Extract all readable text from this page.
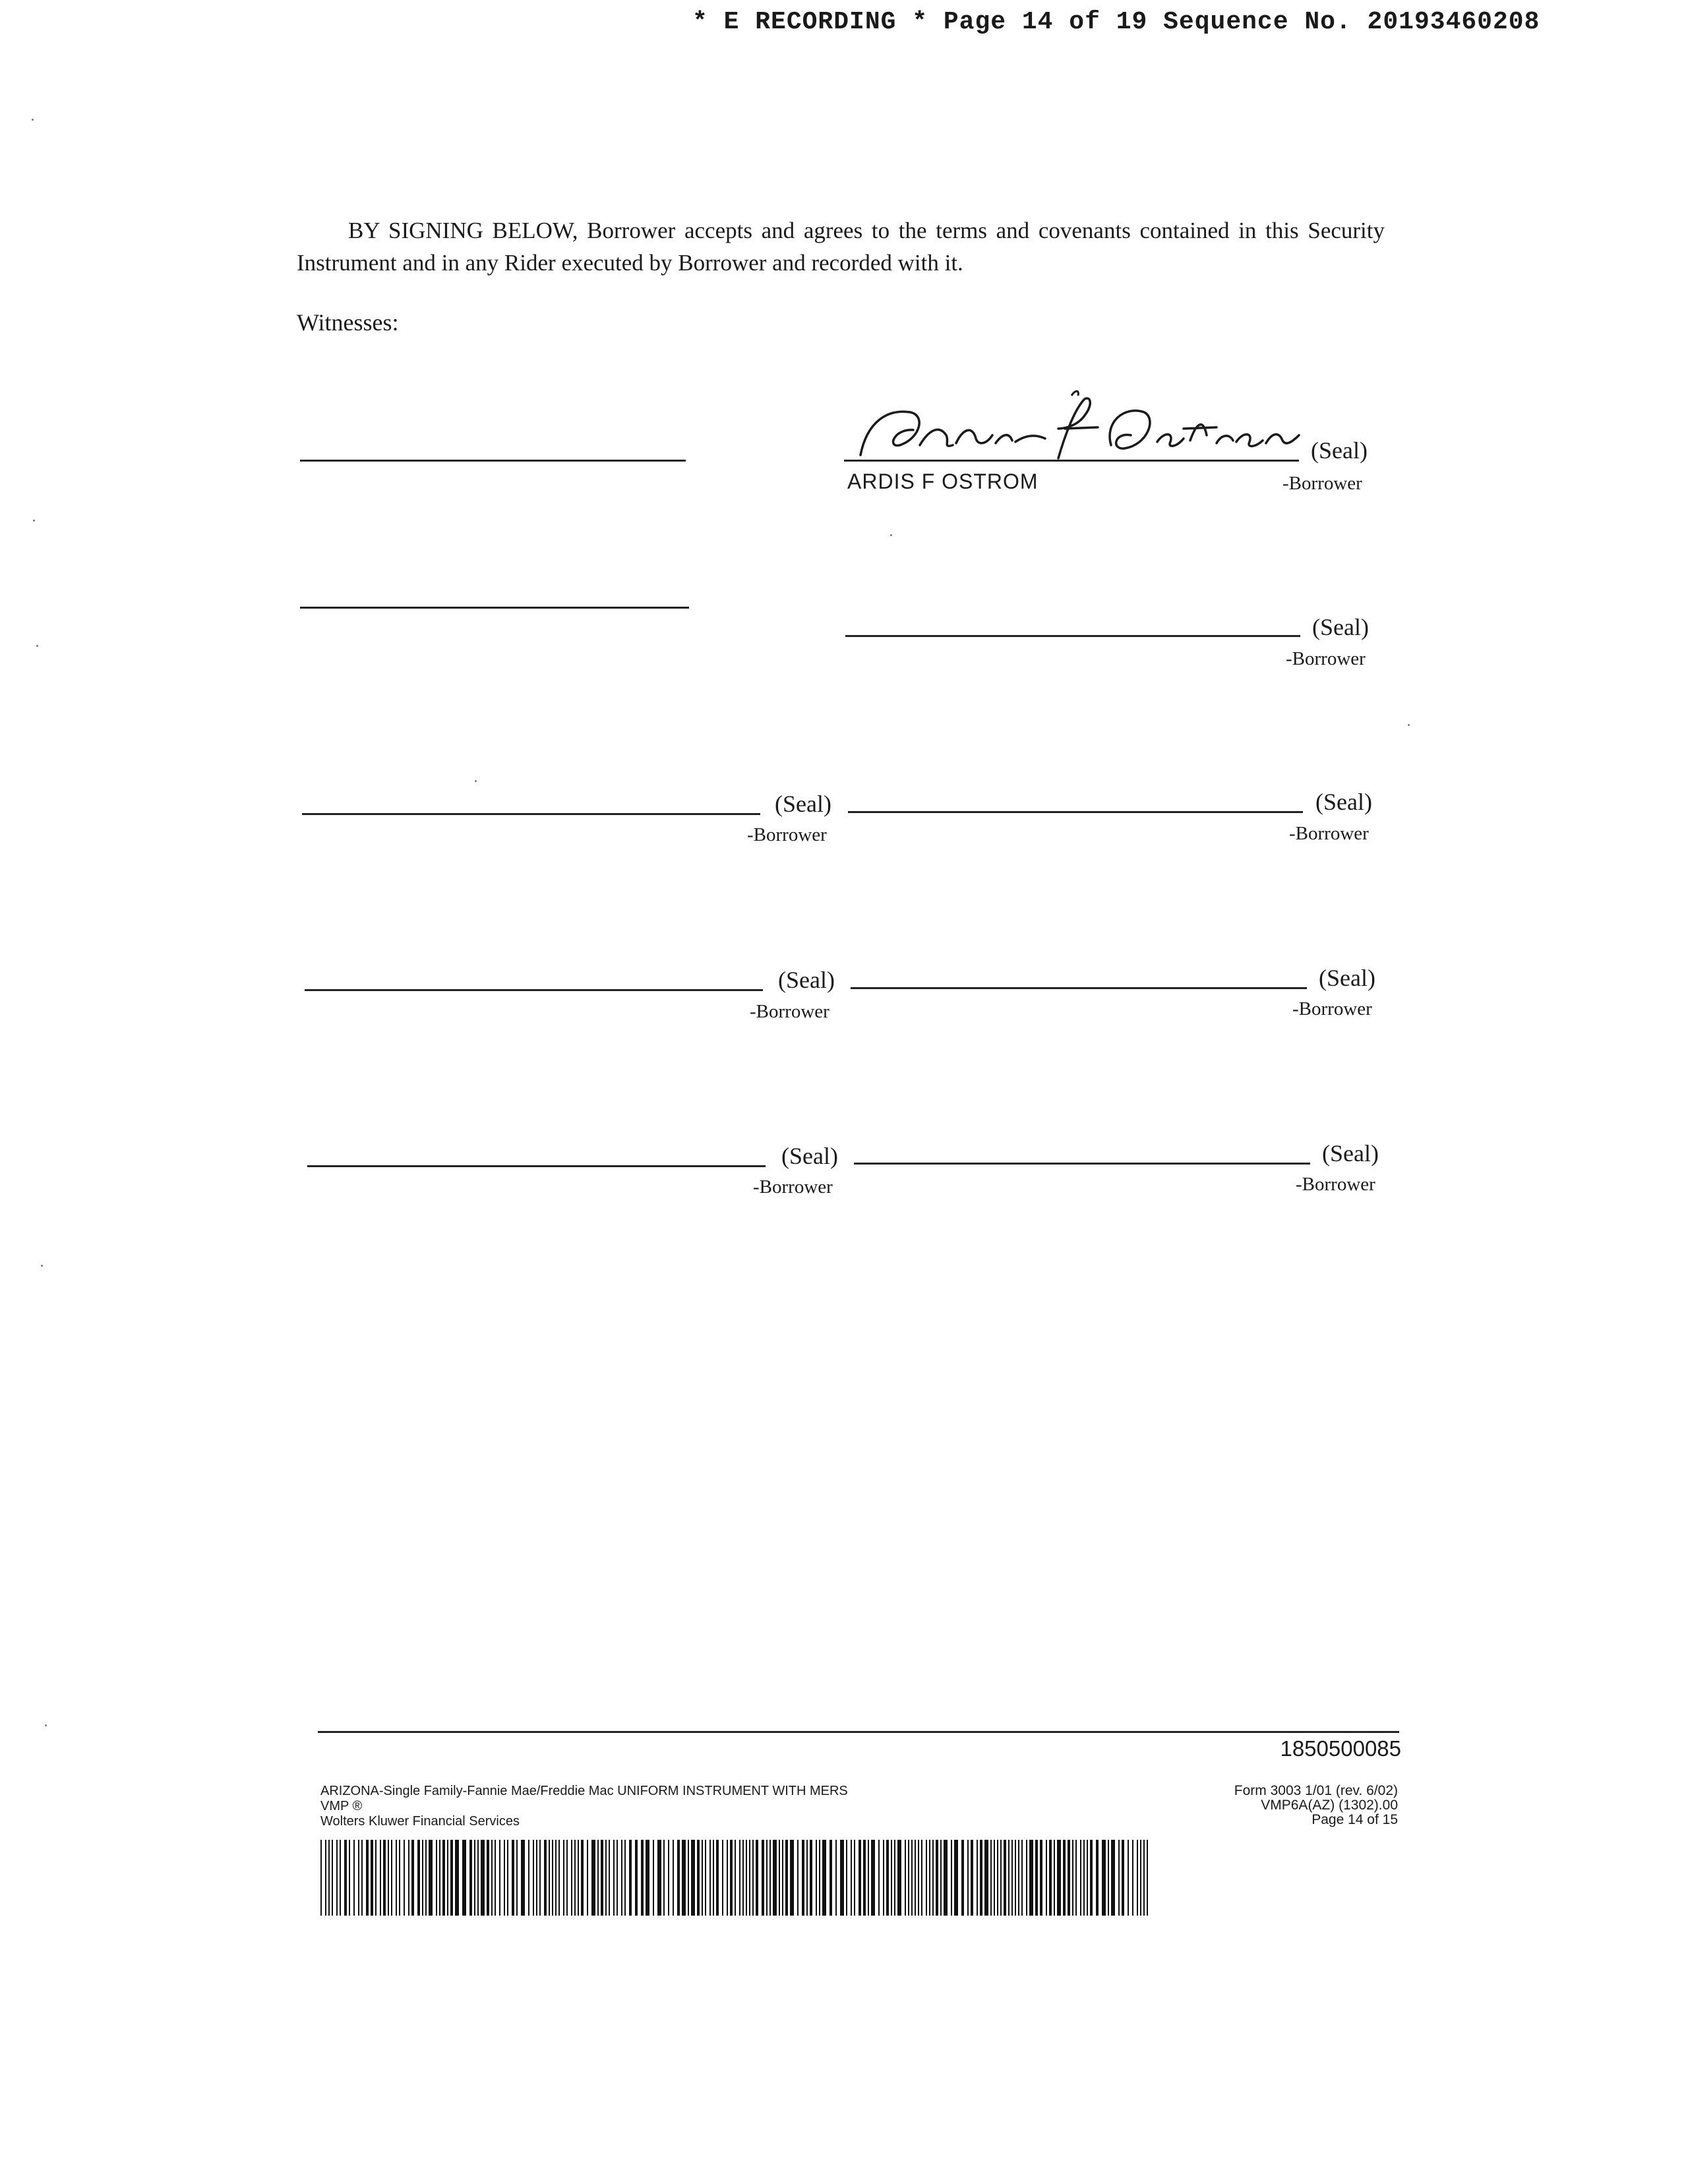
* E RECORDING * Page 14 of 19 Sequence No. 20193460208

BY SIGNING BELOW, Borrower accepts and agrees to the terms and covenants contained in this Security Instrument and in any Rider executed by Borrower and recorded with it.

Witnesses:
(Seal)
ARDIS F OSTROM	-Borrower
(Seal)
-Borrower
(Seal)
-Borrower
(Seal)
-Borrower
(Seal)
-Borrower
(Seal)
-Borrower
(Seal)
-Borrower
(Seal)
-Borrower
1850500085
ARIZONA-Single Family-Fannie Mae/Freddie Mac UNIFORM INSTRUMENT WITH MERS
VMP ®
Wolters Kluwer Financial Services
Form 3003 1/01 (rev. 6/02)
VMP6A(AZ) (1302).00
Page 14 of 15
